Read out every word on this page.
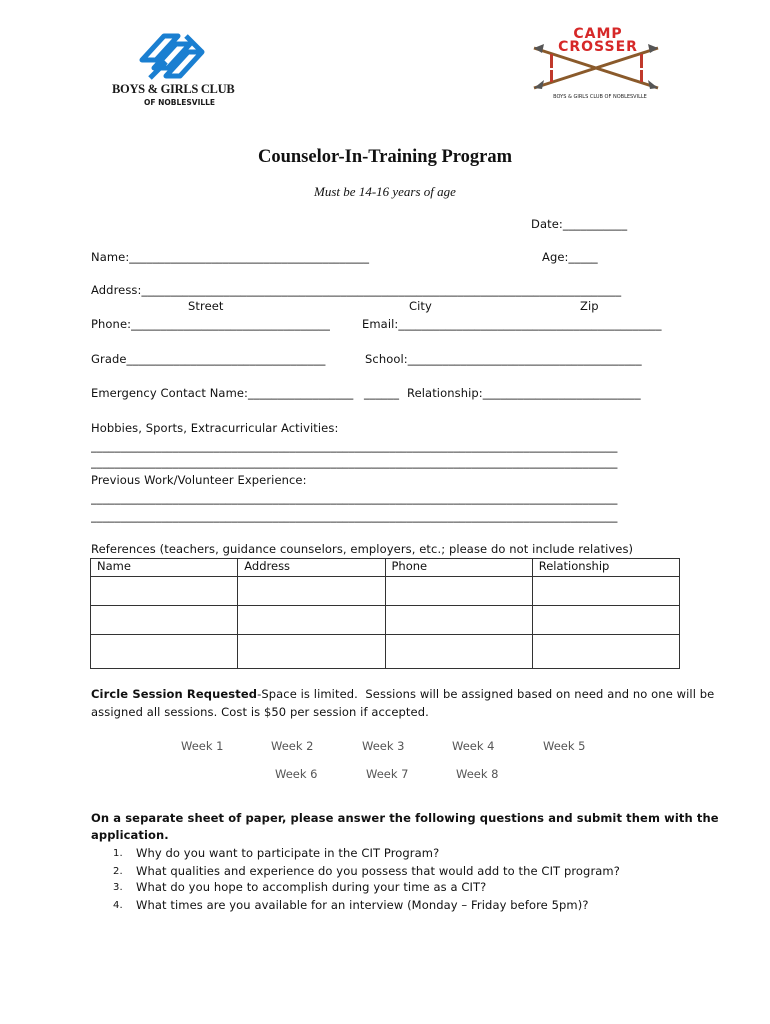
BOYS & GIRLS CLUB
OF NOBLESVILLE
CAMP
CROSSER
BOYS & GIRLS CLUB OF NOBLESVILLE
Counselor-In-Training Program
Must be 14-16 years of age
Date:___________
Name:_________________________________________	Age:_____
Address:__________________________________________________________________________________
Street	City	Zip
Phone:__________________________________	Email:_____________________________________________
Grade__________________________________	School:________________________________________
Emergency Contact Name:__________________ ______ Relationship:___________________________
Hobbies, Sports, Extracurricular Activities:
__________________________________________________________________________________________
__________________________________________________________________________________________
Previous Work/Volunteer Experience:
__________________________________________________________________________________________
__________________________________________________________________________________________
References (teachers, guidance counselors, employers, etc.; please do not include relatives)
Name	Address	Phone	Relationship

Circle Session Requested-Space is limited.  Sessions will be assigned based on need and no one will be
assigned all sessions. Cost is $50 per session if accepted.
Week 1	Week 2	Week 3	Week 4	Week 5
Week 6	Week 7	Week 8
On a separate sheet of paper, please answer the following questions and submit them with the
application.
1. Why do you want to participate in the CIT Program?
2. What qualities and experience do you possess that would add to the CIT program?
3. What do you hope to accomplish during your time as a CIT?
4. What times are you available for an interview (Monday – Friday before 5pm)?
